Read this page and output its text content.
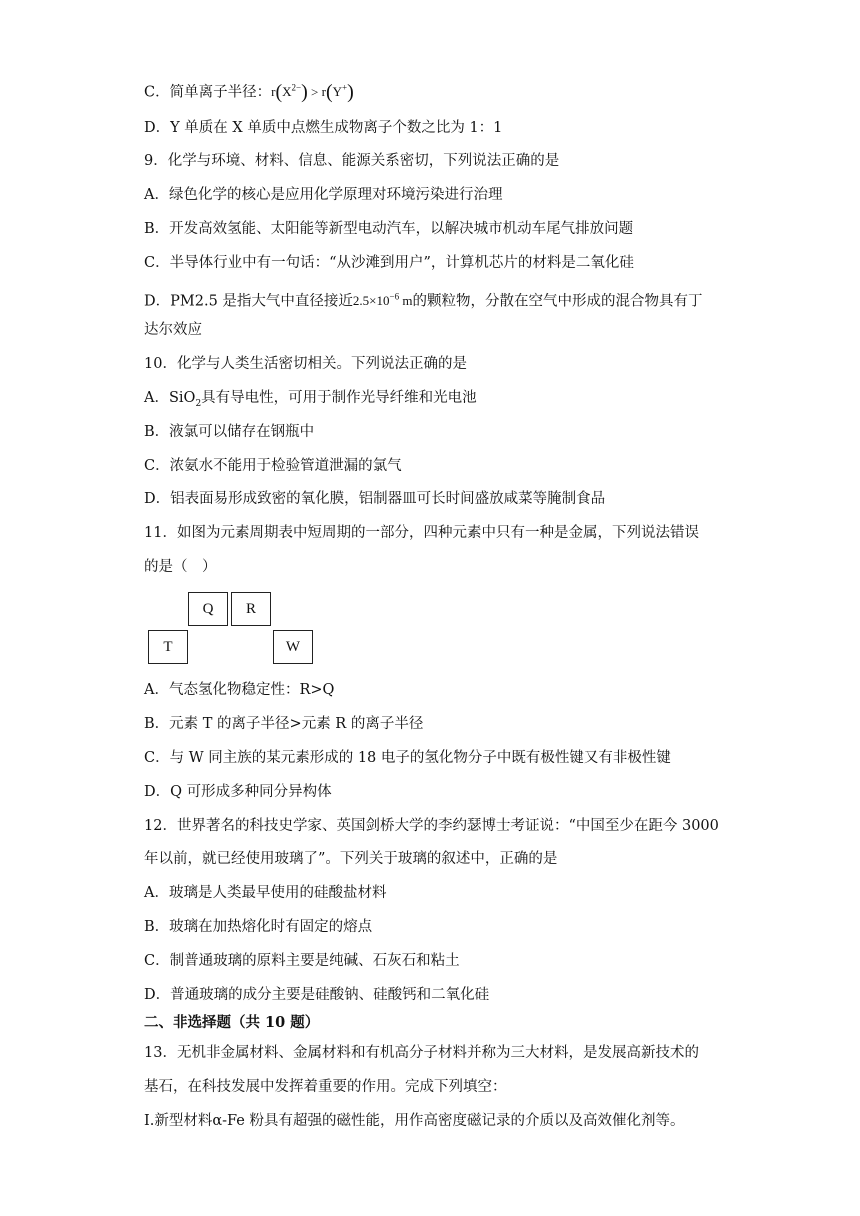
C．简单离子半径：$r(X^{2-}) > r(Y^+)$
D．Y 单质在 X 单质中点燃生成物离子个数之比为 1：1
9．化学与环境、材料、信息、能源关系密切，下列说法正确的是
A．绿色化学的核心是应用化学原理对环境污染进行治理
B．开发高效氢能、太阳能等新型电动汽车，以解决城市机动车尾气排放问题
C．半导体行业中有一句话：“从沙滩到用户”，计算机芯片的材料是二氧化硅
D．PM2.5 是指大气中直径接近$2.5\times 10^{-6}$ m的颗粒物，分散在空气中形成的混合物具有丁
达尔效应
10．化学与人类生活密切相关。下列说法正确的是
A．SiO$_2$具有导电性，可用于制作光导纤维和光电池
B．液氯可以储存在钢瓶中
C．浓氨水不能用于检验管道泄漏的氯气
D．铝表面易形成致密的氧化膜，铝制器皿可长时间盛放咸菜等腌制食品
11．如图为元素周期表中短周期的一部分，四种元素中只有一种是金属，下列说法错误
的是（　）
Q	R
T	W
A．气态氢化物稳定性：R>Q
B．元素 T 的离子半径>元素 R 的离子半径
C．与 W 同主族的某元素形成的 18 电子的氢化物分子中既有极性键又有非极性键
D．Q 可形成多种同分异构体
12．世界著名的科技史学家、英国剑桥大学的李约瑟博士考证说：“中国至少在距今 3000
年以前，就已经使用玻璃了”。下列关于玻璃的叙述中，正确的是
A．玻璃是人类最早使用的硅酸盐材料
B．玻璃在加热熔化时有固定的熔点
C．制普通玻璃的原料主要是纯碱、石灰石和粘土
D．普通玻璃的成分主要是硅酸钠、硅酸钙和二氧化硅
二、非选择题（共 10 题）
13．无机非金属材料、金属材料和有机高分子材料并称为三大材料，是发展高新技术的
基石，在科技发展中发挥着重要的作用。完成下列填空：
Ⅰ.新型材料α-Fe 粉具有超强的磁性能，用作高密度磁记录的介质以及高效催化剂等。
